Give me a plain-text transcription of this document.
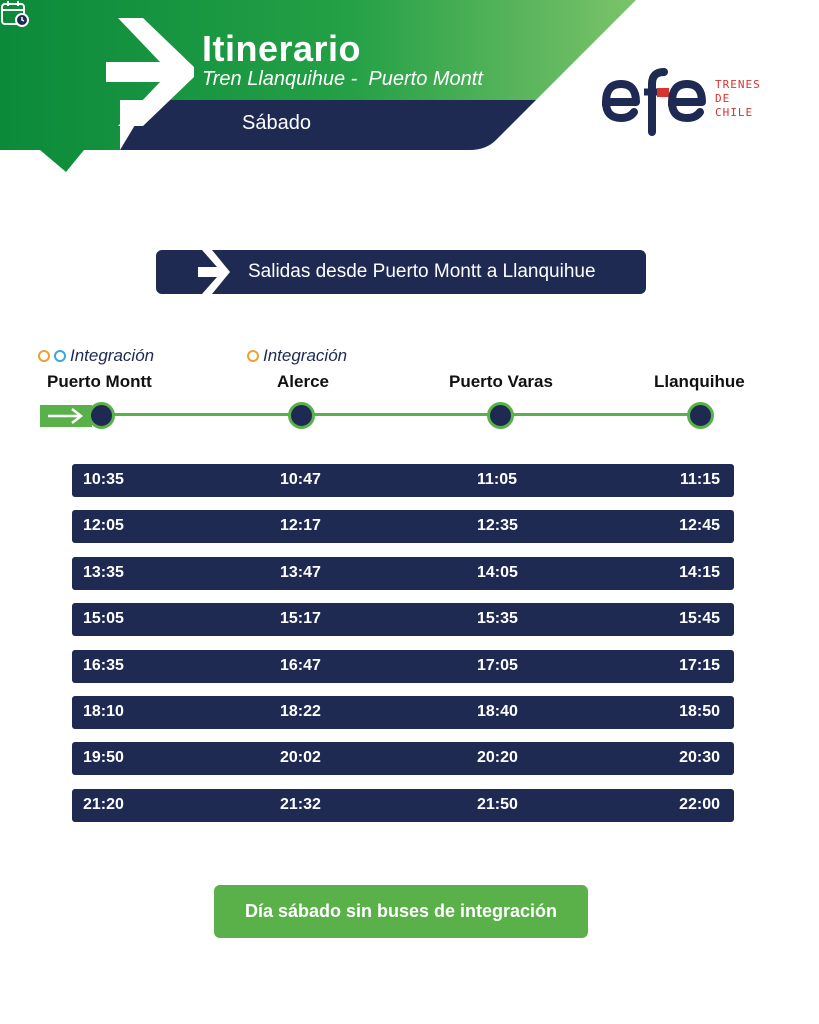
Itinerario
Tren Llanquihue -  Puerto Montt
Sábado
TRENES
DE
CHILE
Salidas desde Puerto Montt a Llanquihue
Integración	Integración
Puerto Montt	Alerce	Puerto Varas	Llanquihue
10:35	10:47	11:05	11:15
12:05	12:17	12:35	12:45
13:35	13:47	14:05	14:15
15:05	15:17	15:35	15:45
16:35	16:47	17:05	17:15
18:10	18:22	18:40	18:50
19:50	20:02	20:20	20:30
21:20	21:32	21:50	22:00
Día sábado sin buses de integración
